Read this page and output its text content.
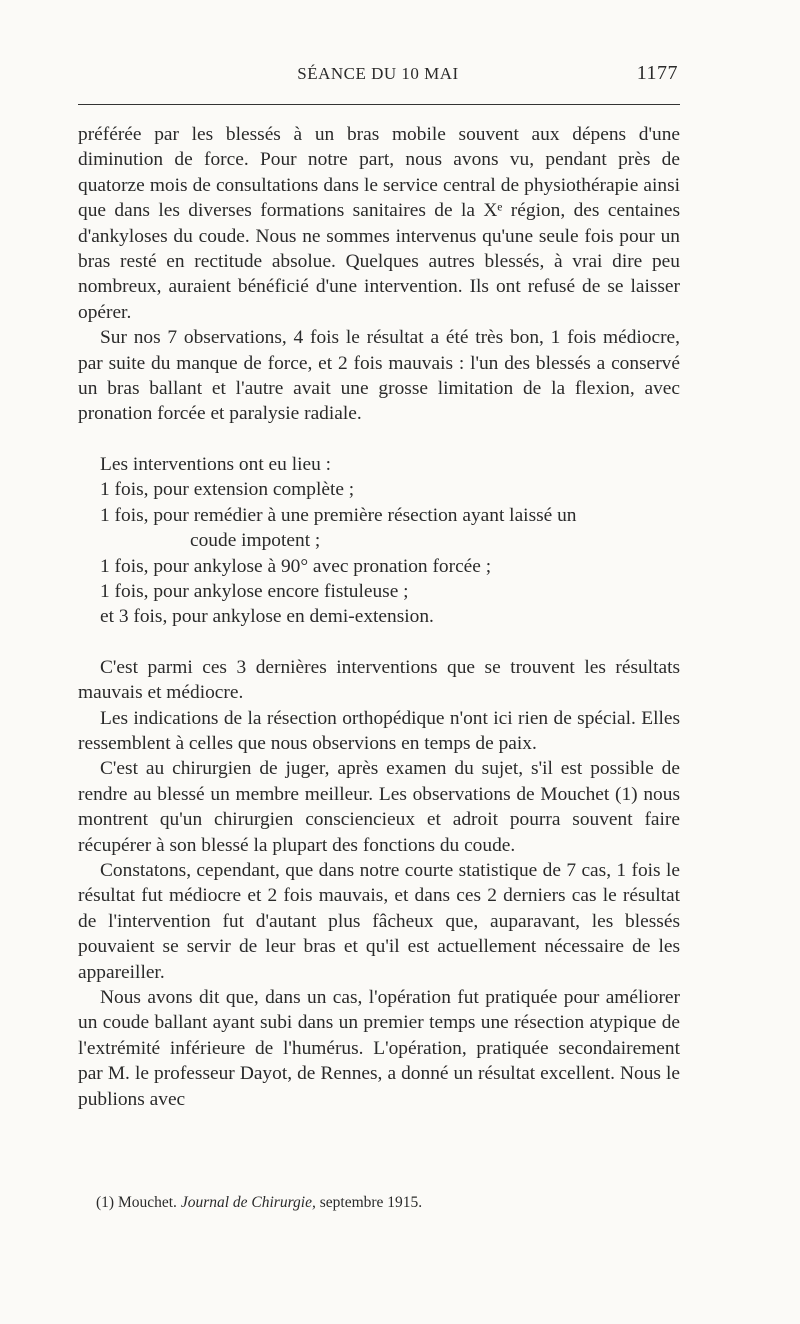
SÉANCE DU 10 MAI	1177

préférée par les blessés à un bras mobile souvent aux dépens d'une diminution de force. Pour notre part, nous avons vu, pendant près de quatorze mois de consultations dans le service central de physiothérapie ainsi que dans les diverses formations sanitaires de la Xᵉ région, des centaines d'ankyloses du coude. Nous ne sommes intervenus qu'une seule fois pour un bras resté en rectitude absolue. Quelques autres blessés, à vrai dire peu nombreux, auraient bénéficié d'une intervention. Ils ont refusé de se laisser opérer.

Sur nos 7 observations, 4 fois le résultat a été très bon, 1 fois médiocre, par suite du manque de force, et 2 fois mauvais : l'un des blessés a conservé un bras ballant et l'autre avait une grosse limitation de la flexion, avec pronation forcée et paralysie radiale.

Les interventions ont eu lieu :

1 fois, pour extension complète ;
1 fois, pour remédier à une première résection ayant laissé un
coude impotent ;
1 fois, pour ankylose à 90° avec pronation forcée ;
1 fois, pour ankylose encore fistuleuse ;
et 3 fois, pour ankylose en demi-extension.

C'est parmi ces 3 dernières interventions que se trouvent les résultats mauvais et médiocre.

Les indications de la résection orthopédique n'ont ici rien de spécial. Elles ressemblent à celles que nous observions en temps de paix.

C'est au chirurgien de juger, après examen du sujet, s'il est possible de rendre au blessé un membre meilleur. Les observations de Mouchet (1) nous montrent qu'un chirurgien consciencieux et adroit pourra souvent faire récupérer à son blessé la plupart des fonctions du coude.

Constatons, cependant, que dans notre courte statistique de 7 cas, 1 fois le résultat fut médiocre et 2 fois mauvais, et dans ces 2 derniers cas le résultat de l'intervention fut d'autant plus fâcheux que, auparavant, les blessés pouvaient se servir de leur bras et qu'il est actuellement nécessaire de les appareiller.

Nous avons dit que, dans un cas, l'opération fut pratiquée pour améliorer un coude ballant ayant subi dans un premier temps une résection atypique de l'extrémité inférieure de l'humérus. L'opération, pratiquée secondairement par M. le professeur Dayot, de Rennes, a donné un résultat excellent. Nous le publions avec

(1) Mouchet. Journal de Chirurgie, septembre 1915.
